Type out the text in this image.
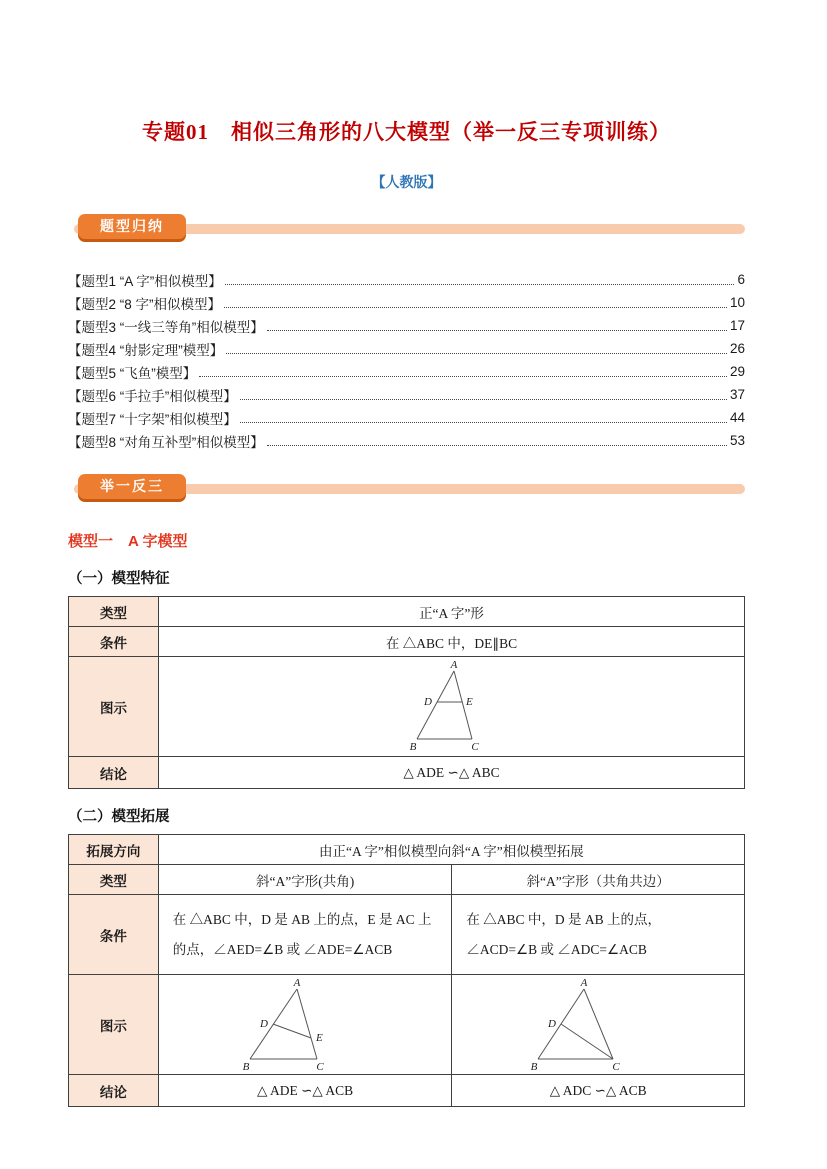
专题01　相似三角形的八大模型（举一反三专项训练）
【人教版】
题型归纳
【题型1 “A 字”相似模型】	6
【题型2 “8 字”相似模型】	10
【题型3 “一线三等角”相似模型】	17
【题型4 “射影定理”模型】	26
【题型5 “飞鱼”模型】	29
【题型6 “手拉手”相似模型】	37
【题型7 “十字架”相似模型】	44
【题型8 “对角互补型”相似模型】	53
举一反三
模型一　A 字模型
（一）模型特征
类型	正“A 字”形
条件	在 △ABC 中，DE∥BC
图示	A
D E
B C

结论	△ ADE ∽△ ABC
（二）模型拓展
拓展方向	由正“A 字”相似模型向斜“A 字”相似模型拓展	
类型	斜“A”字形(共角)	斜“A”字形（共角共边）
条件	在 △ABC 中，D 是 AB 上的点，E 是 AC 上的点，∠AED=∠B 或 ∠ADE=∠ACB	在 △ABC 中，D 是 AB 上的点，∠ACD=∠B 或 ∠ADC=∠ACB
图示	A
D
E
B C	A
D
B C

结论	△ ADE ∽△ ACB	△ ADC ∽△ ACB
